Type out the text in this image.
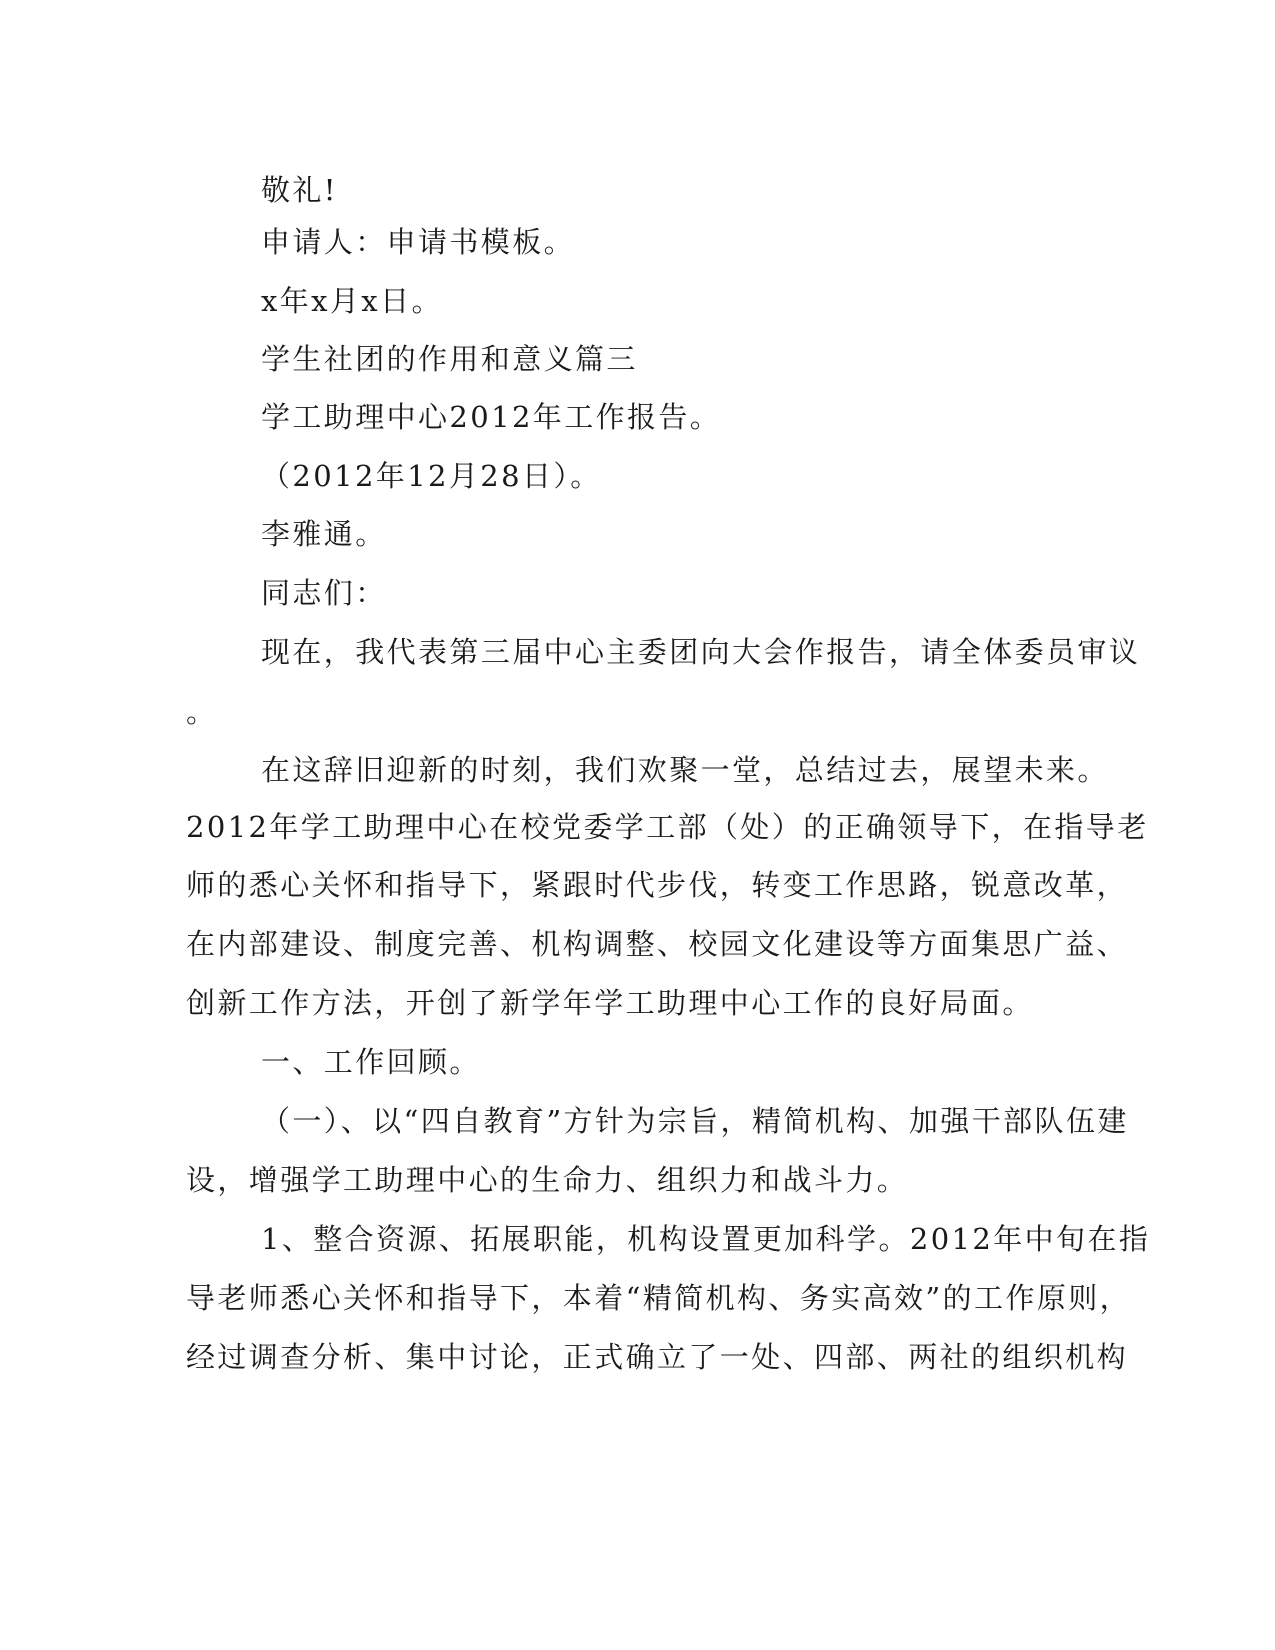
敬礼!
申请人：申请书模板。
x年x月x日。
学生社团的作用和意义篇三
学工助理中心2012年工作报告。
（2012年12月28日）。
李雅通。
同志们：
现在，我代表第三届中心主委团向大会作报告，请全体委员审议
。
在这辞旧迎新的时刻，我们欢聚一堂，总结过去，展望未来。
2012年学工助理中心在校党委学工部（处）的正确领导下，在指导老
师的悉心关怀和指导下，紧跟时代步伐，转变工作思路，锐意改革，
在内部建设、制度完善、机构调整、校园文化建设等方面集思广益、
创新工作方法，开创了新学年学工助理中心工作的良好局面。
一、工作回顾。
（一）、以“四自教育”方针为宗旨，精简机构、加强干部队伍建
设，增强学工助理中心的生命力、组织力和战斗力。
1、整合资源、拓展职能，机构设置更加科学。2012年中旬在指
导老师悉心关怀和指导下，本着“精简机构、务实高效”的工作原则，
经过调查分析、集中讨论，正式确立了一处、四部、两社的组织机构
